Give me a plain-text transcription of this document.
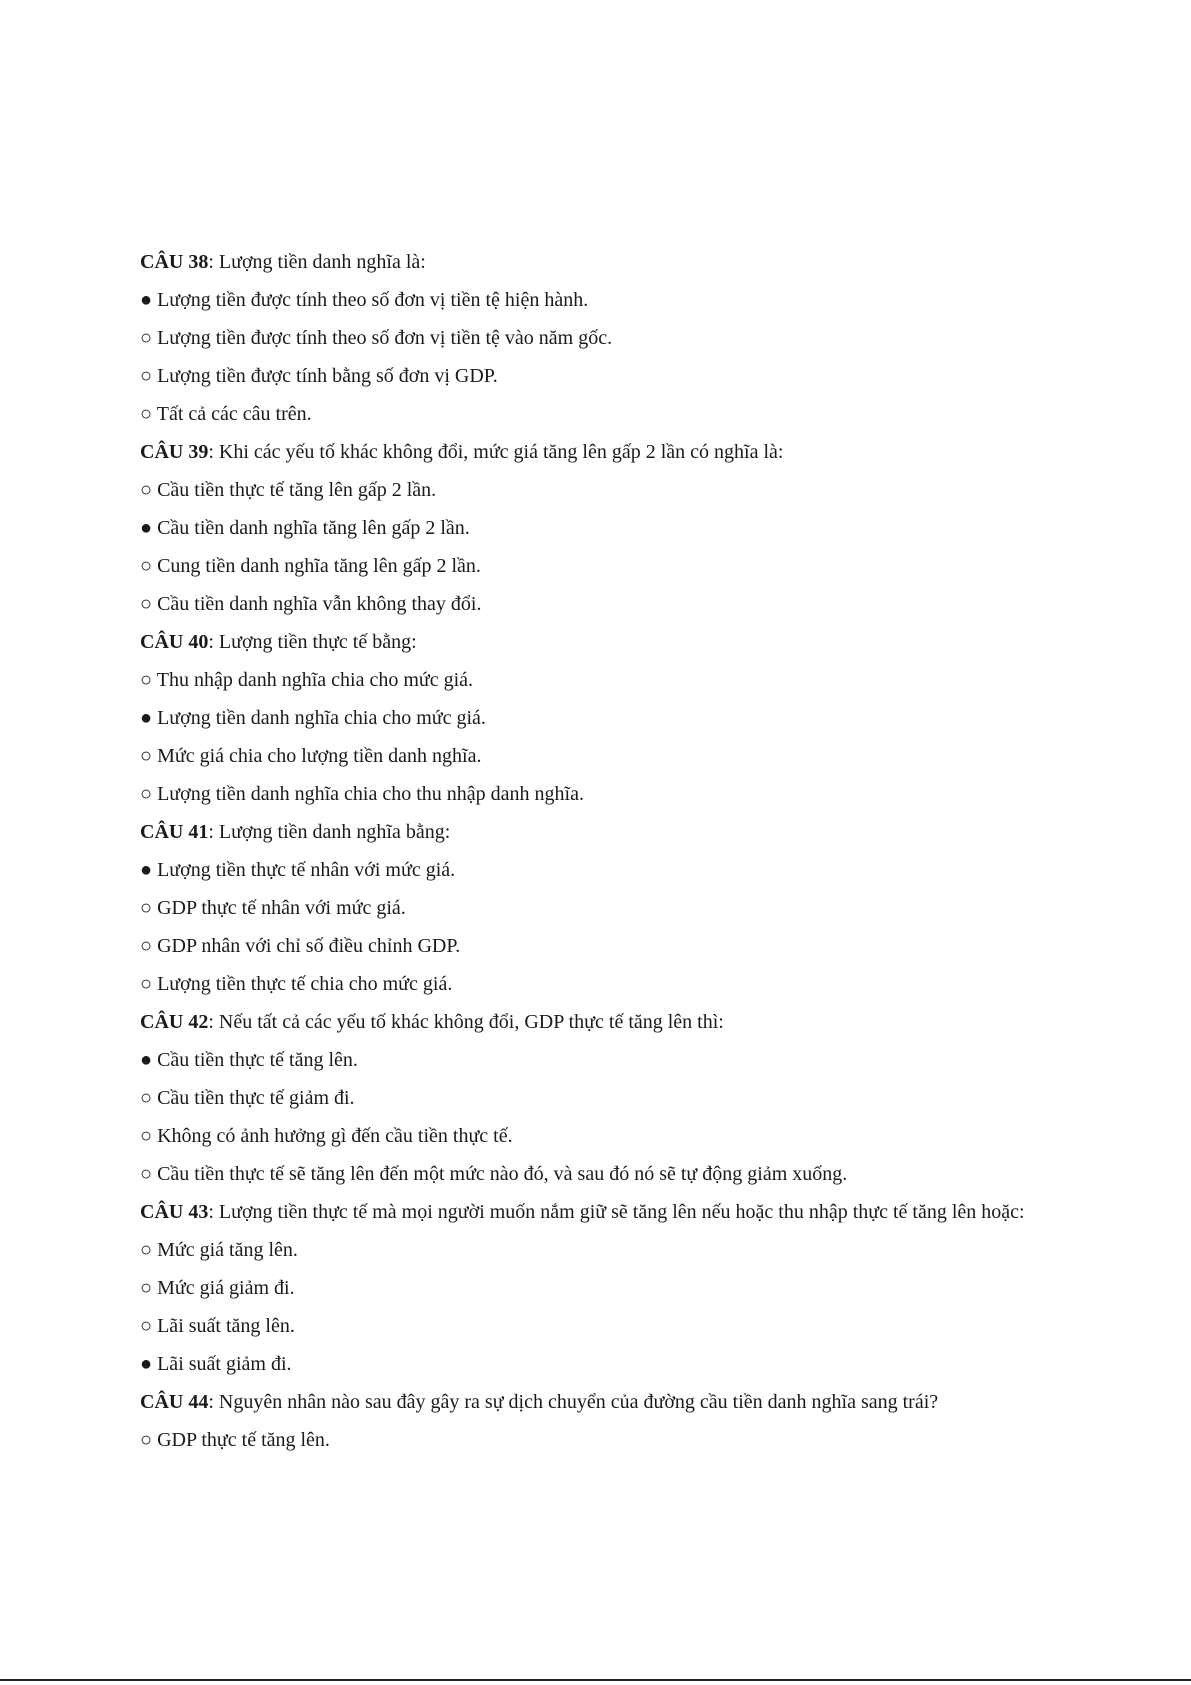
CÂU 38: Lượng tiền danh nghĩa là:
● Lượng tiền được tính theo số đơn vị tiền tệ hiện hành.
○ Lượng tiền được tính theo số đơn vị tiền tệ vào năm gốc.
○ Lượng tiền được tính bằng số đơn vị GDP.
○ Tất cả các câu trên.
CÂU 39: Khi các yếu tố khác không đổi, mức giá tăng lên gấp 2 lần có nghĩa là:
○ Cầu tiền thực tế tăng lên gấp 2 lần.
● Cầu tiền danh nghĩa tăng lên gấp 2 lần.
○ Cung tiền danh nghĩa tăng lên gấp 2 lần.
○ Cầu tiền danh nghĩa vẫn không thay đổi.
CÂU 40: Lượng tiền thực tế bằng:
○ Thu nhập danh nghĩa chia cho mức giá.
● Lượng tiền danh nghĩa chia cho mức giá.
○ Mức giá chia cho lượng tiền danh nghĩa.
○ Lượng tiền danh nghĩa chia cho thu nhập danh nghĩa.
CÂU 41: Lượng tiền danh nghĩa bằng:
● Lượng tiền thực tế nhân với mức giá.
○ GDP thực tế nhân với mức giá.
○ GDP nhân với chỉ số điều chỉnh GDP.
○ Lượng tiền thực tế chia cho mức giá.
CÂU 42: Nếu tất cả các yếu tố khác không đổi, GDP thực tế tăng lên thì:
● Cầu tiền thực tế tăng lên.
○ Cầu tiền thực tế giảm đi.
○ Không có ảnh hưởng gì đến cầu tiền thực tế.
○ Cầu tiền thực tế sẽ tăng lên đến một mức nào đó, và sau đó nó sẽ tự động giảm xuống.
CÂU 43: Lượng tiền thực tế mà mọi người muốn nắm giữ sẽ tăng lên nếu hoặc thu nhập thực tế tăng lên hoặc:
○ Mức giá tăng lên.
○ Mức giá giảm đi.
○ Lãi suất tăng lên.
● Lãi suất giảm đi.
CÂU 44: Nguyên nhân nào sau đây gây ra sự dịch chuyển của đường cầu tiền danh nghĩa sang trái?
○ GDP thực tế tăng lên.
